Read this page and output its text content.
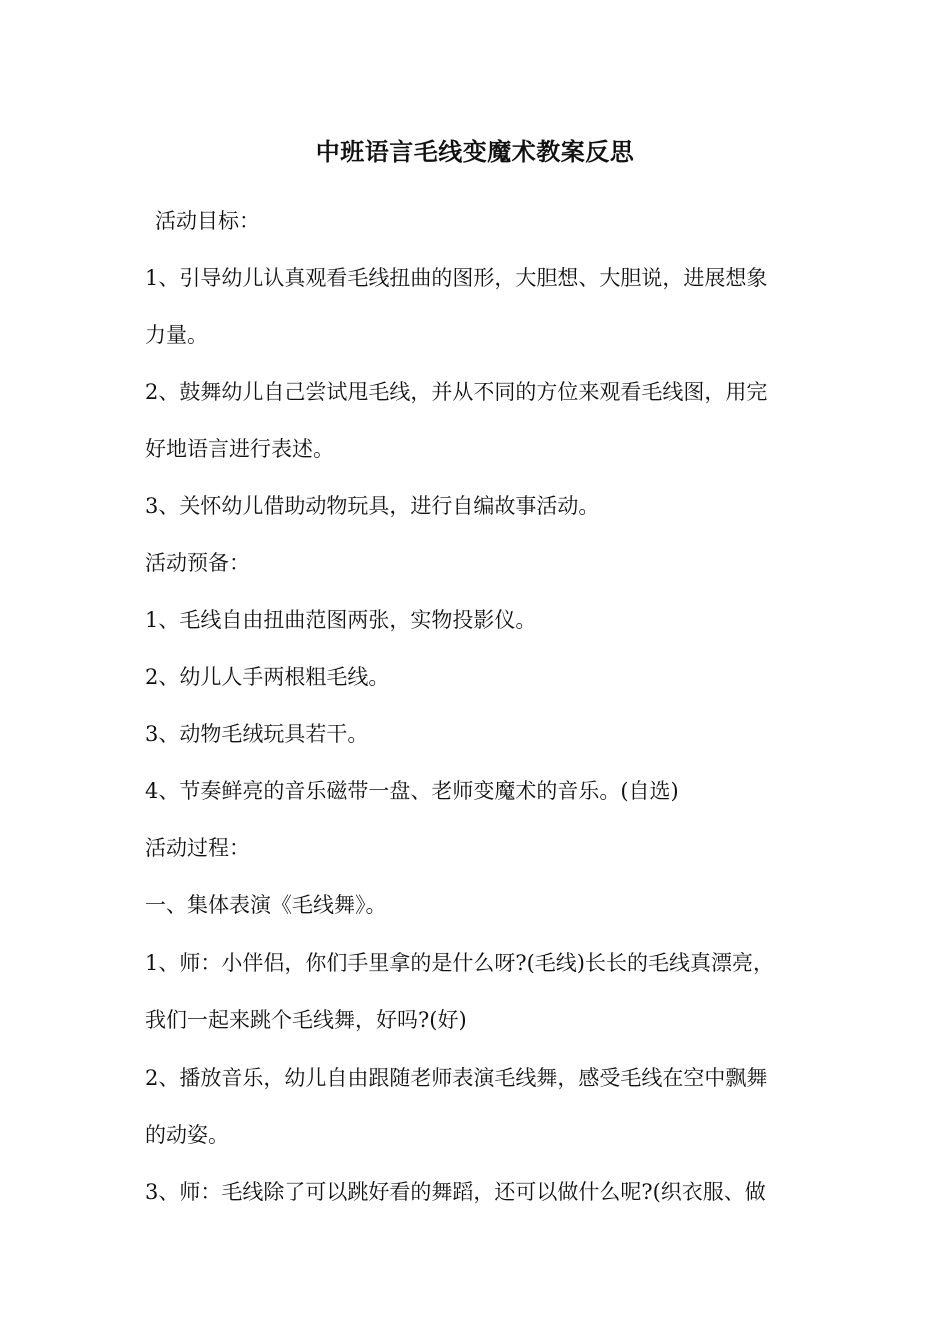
中班语言毛线变魔术教案反思
活动目标：
1、引导幼儿认真观看毛线扭曲的图形，大胆想、大胆说，进展想象
力量。
2、鼓舞幼儿自己尝试甩毛线，并从不同的方位来观看毛线图，用完
好地语言进行表述。
3、关怀幼儿借助动物玩具，进行自编故事活动。
活动预备：
1、毛线自由扭曲范图两张，实物投影仪。
2、幼儿人手两根粗毛线。
3、动物毛绒玩具若干。
4、节奏鲜亮的音乐磁带一盘、老师变魔术的音乐。(自选)
活动过程：
一、集体表演《毛线舞》。
1、师：小伴侣，你们手里拿的是什么呀?(毛线)长长的毛线真漂亮，
我们一起来跳个毛线舞，好吗?(好)
2、播放音乐，幼儿自由跟随老师表演毛线舞，感受毛线在空中飘舞
的动姿。
3、师：毛线除了可以跳好看的舞蹈，还可以做什么呢?(织衣服、做
